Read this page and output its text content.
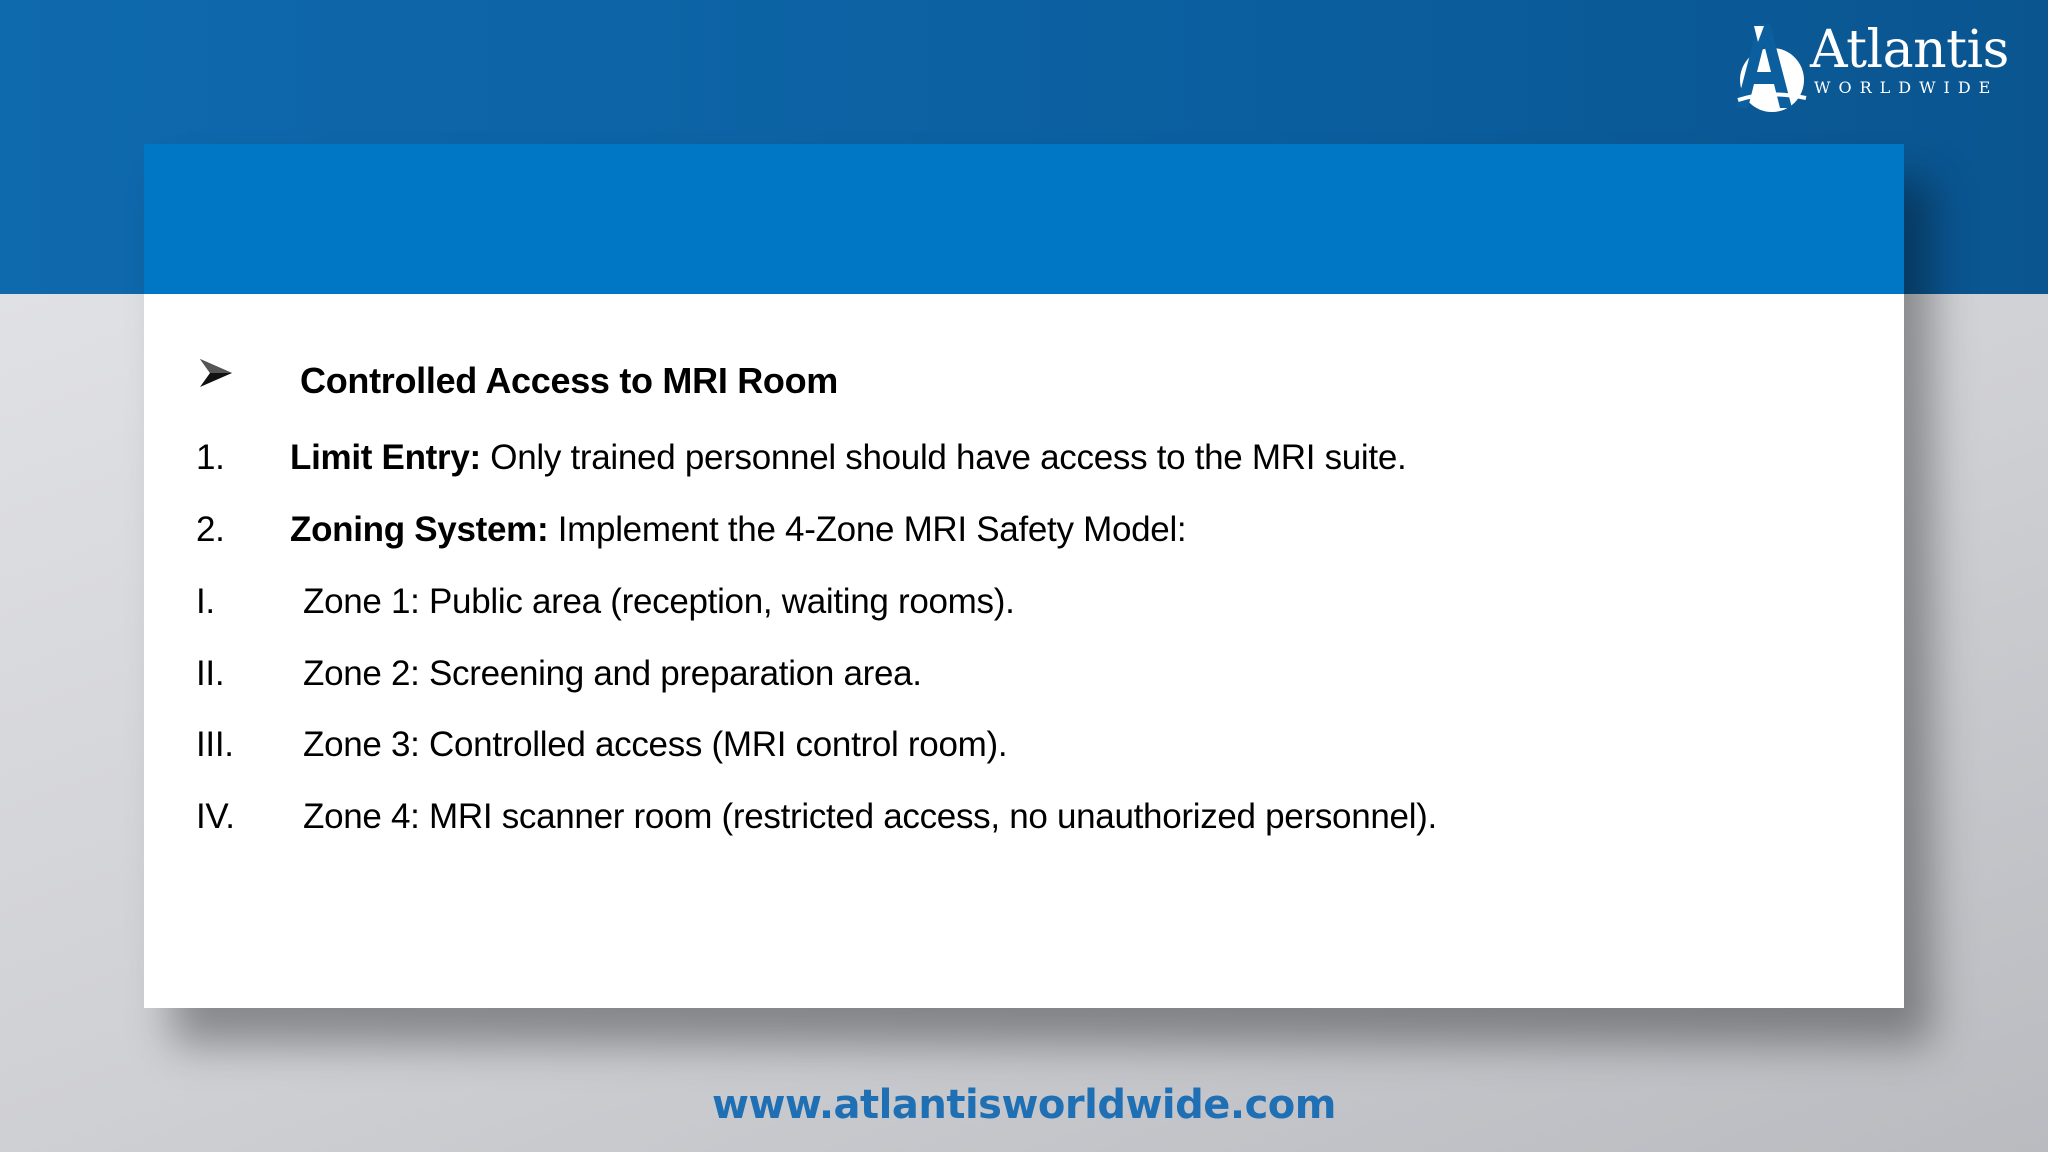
Atlantis
WORLDWIDE
Controlled Access to MRI Room
1.	Limit Entry: Only trained personnel should have access to the MRI suite.
2.	Zoning System: Implement the 4-Zone MRI Safety Model:
I.	Zone 1: Public area (reception, waiting rooms).
II.	Zone 2: Screening and preparation area.
III.	Zone 3: Controlled access (MRI control room).
IV.	Zone 4: MRI scanner room (restricted access, no unauthorized personnel).
www.atlantisworldwide.com
